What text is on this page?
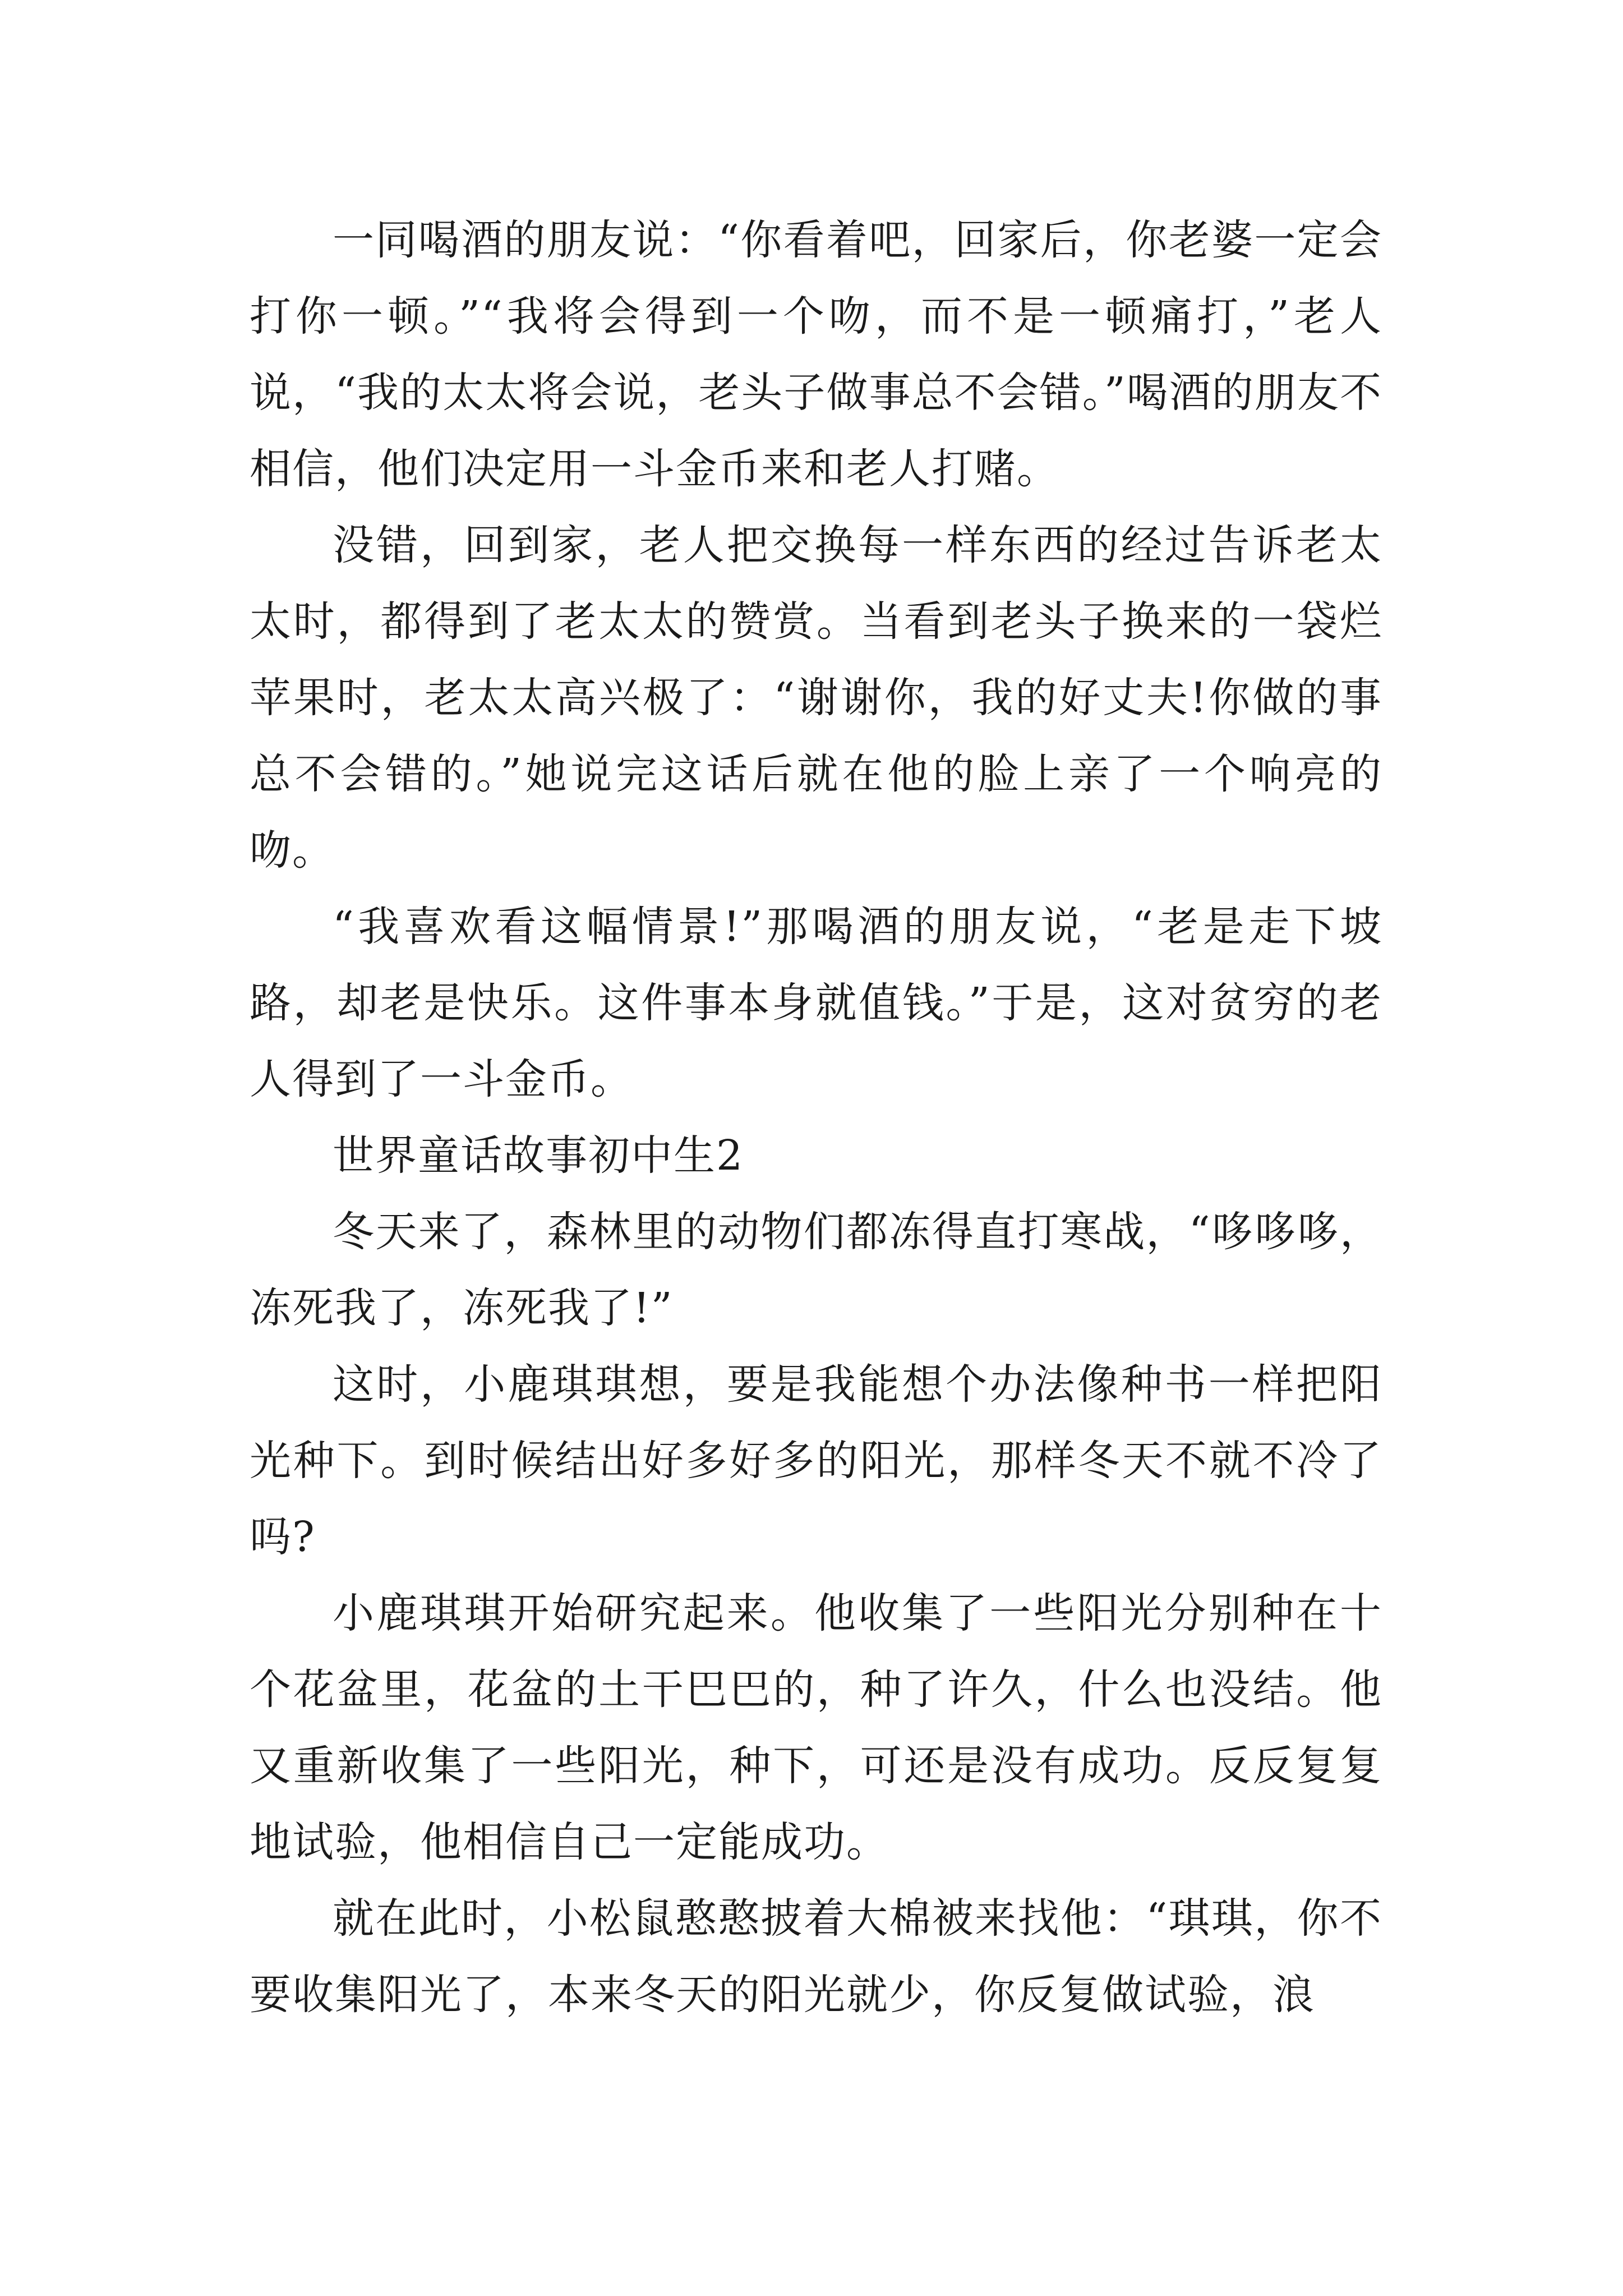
一同喝酒的朋友说：“你看着吧，回家后，你老婆一定会打你一顿。”“我将会得到一个吻，而不是一顿痛打，”老人说，“我的太太将会说，老头子做事总不会错。”喝酒的朋友不相信，他们决定用一斗金币来和老人打赌。

没错，回到家，老人把交换每一样东西的经过告诉老太太时，都得到了老太太的赞赏。当看到老头子换来的一袋烂苹果时，老太太高兴极了：“谢谢你，我的好丈夫!你做的事总不会错的。”她说完这话后就在他的脸上亲了一个响亮的吻。

“我喜欢看这幅情景!”那喝酒的朋友说，“老是走下坡路，却老是快乐。这件事本身就值钱。”于是，这对贫穷的老人得到了一斗金币。

世界童话故事初中生2

冬天来了，森林里的动物们都冻得直打寒战，“哆哆哆，冻死我了，冻死我了!”

这时，小鹿琪琪想，要是我能想个办法像种书一样把阳光种下。到时候结出好多好多的阳光，那样冬天不就不冷了吗?

小鹿琪琪开始研究起来。他收集了一些阳光分别种在十个花盆里，花盆的土干巴巴的，种了许久，什么也没结。他又重新收集了一些阳光，种下，可还是没有成功。反反复复地试验，他相信自己一定能成功。

就在此时，小松鼠憨憨披着大棉被来找他：“琪琪，你不要收集阳光了，本来冬天的阳光就少，你反复做试验，浪
